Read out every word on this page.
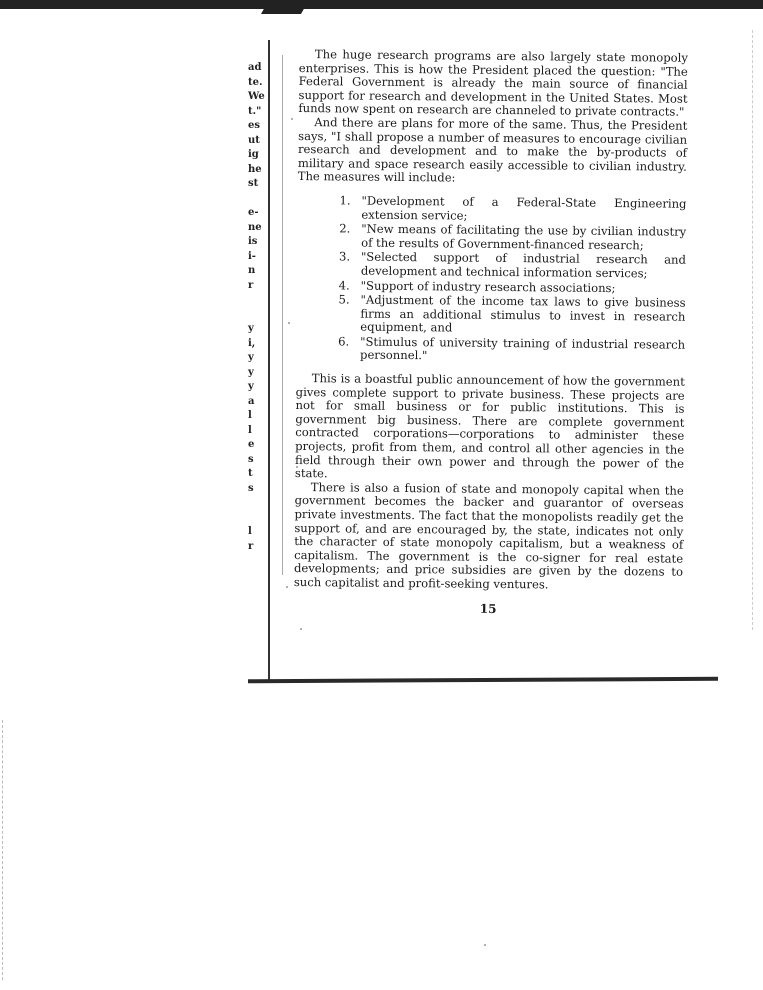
ad
te.
We
t."
es
ut
ig
he
st
e-
ne
is
i-
n
r
y
i,
y
y
y
a
l
l
e
s
t
s
l
r

The huge research programs are also largely state monopoly enterprises. This is how the President placed the question: "The Federal Government is already the main source of financial support for research and development in the United States. Most funds now spent on research are channeled to private contracts."

And there are plans for more of the same. Thus, the President says, "I shall propose a number of measures to encourage civilian research and development and to make the by-products of military and space research easily accessible to civilian industry. The measures will include:

1. "Development of a Federal-State Engineering extension service;
2. "New means of facilitating the use by civilian industry of the results of Government-financed research;
3. "Selected support of industrial research and development and technical information services;
4. "Support of industry research associations;
5. "Adjustment of the income tax laws to give business firms an additional stimulus to invest in research equipment, and
6. "Stimulus of university training of industrial research personnel."

This is a boastful public announcement of how the government gives complete support to private business. These projects are not for small business or for public institutions. This is government big business. There are complete government contracted corporations—corporations to administer these projects, profit from them, and control all other agencies in the field through their own power and through the power of the state.

There is also a fusion of state and monopoly capital when the government becomes the backer and guarantor of overseas private investments. The fact that the monopolists readily get the support of, and are encouraged by, the state, indicates not only the character of state monopoly capitalism, but a weakness of capitalism. The government is the co-signer for real estate developments; and price subsidies are given by the dozens to such capitalist and profit-seeking ventures.

15
